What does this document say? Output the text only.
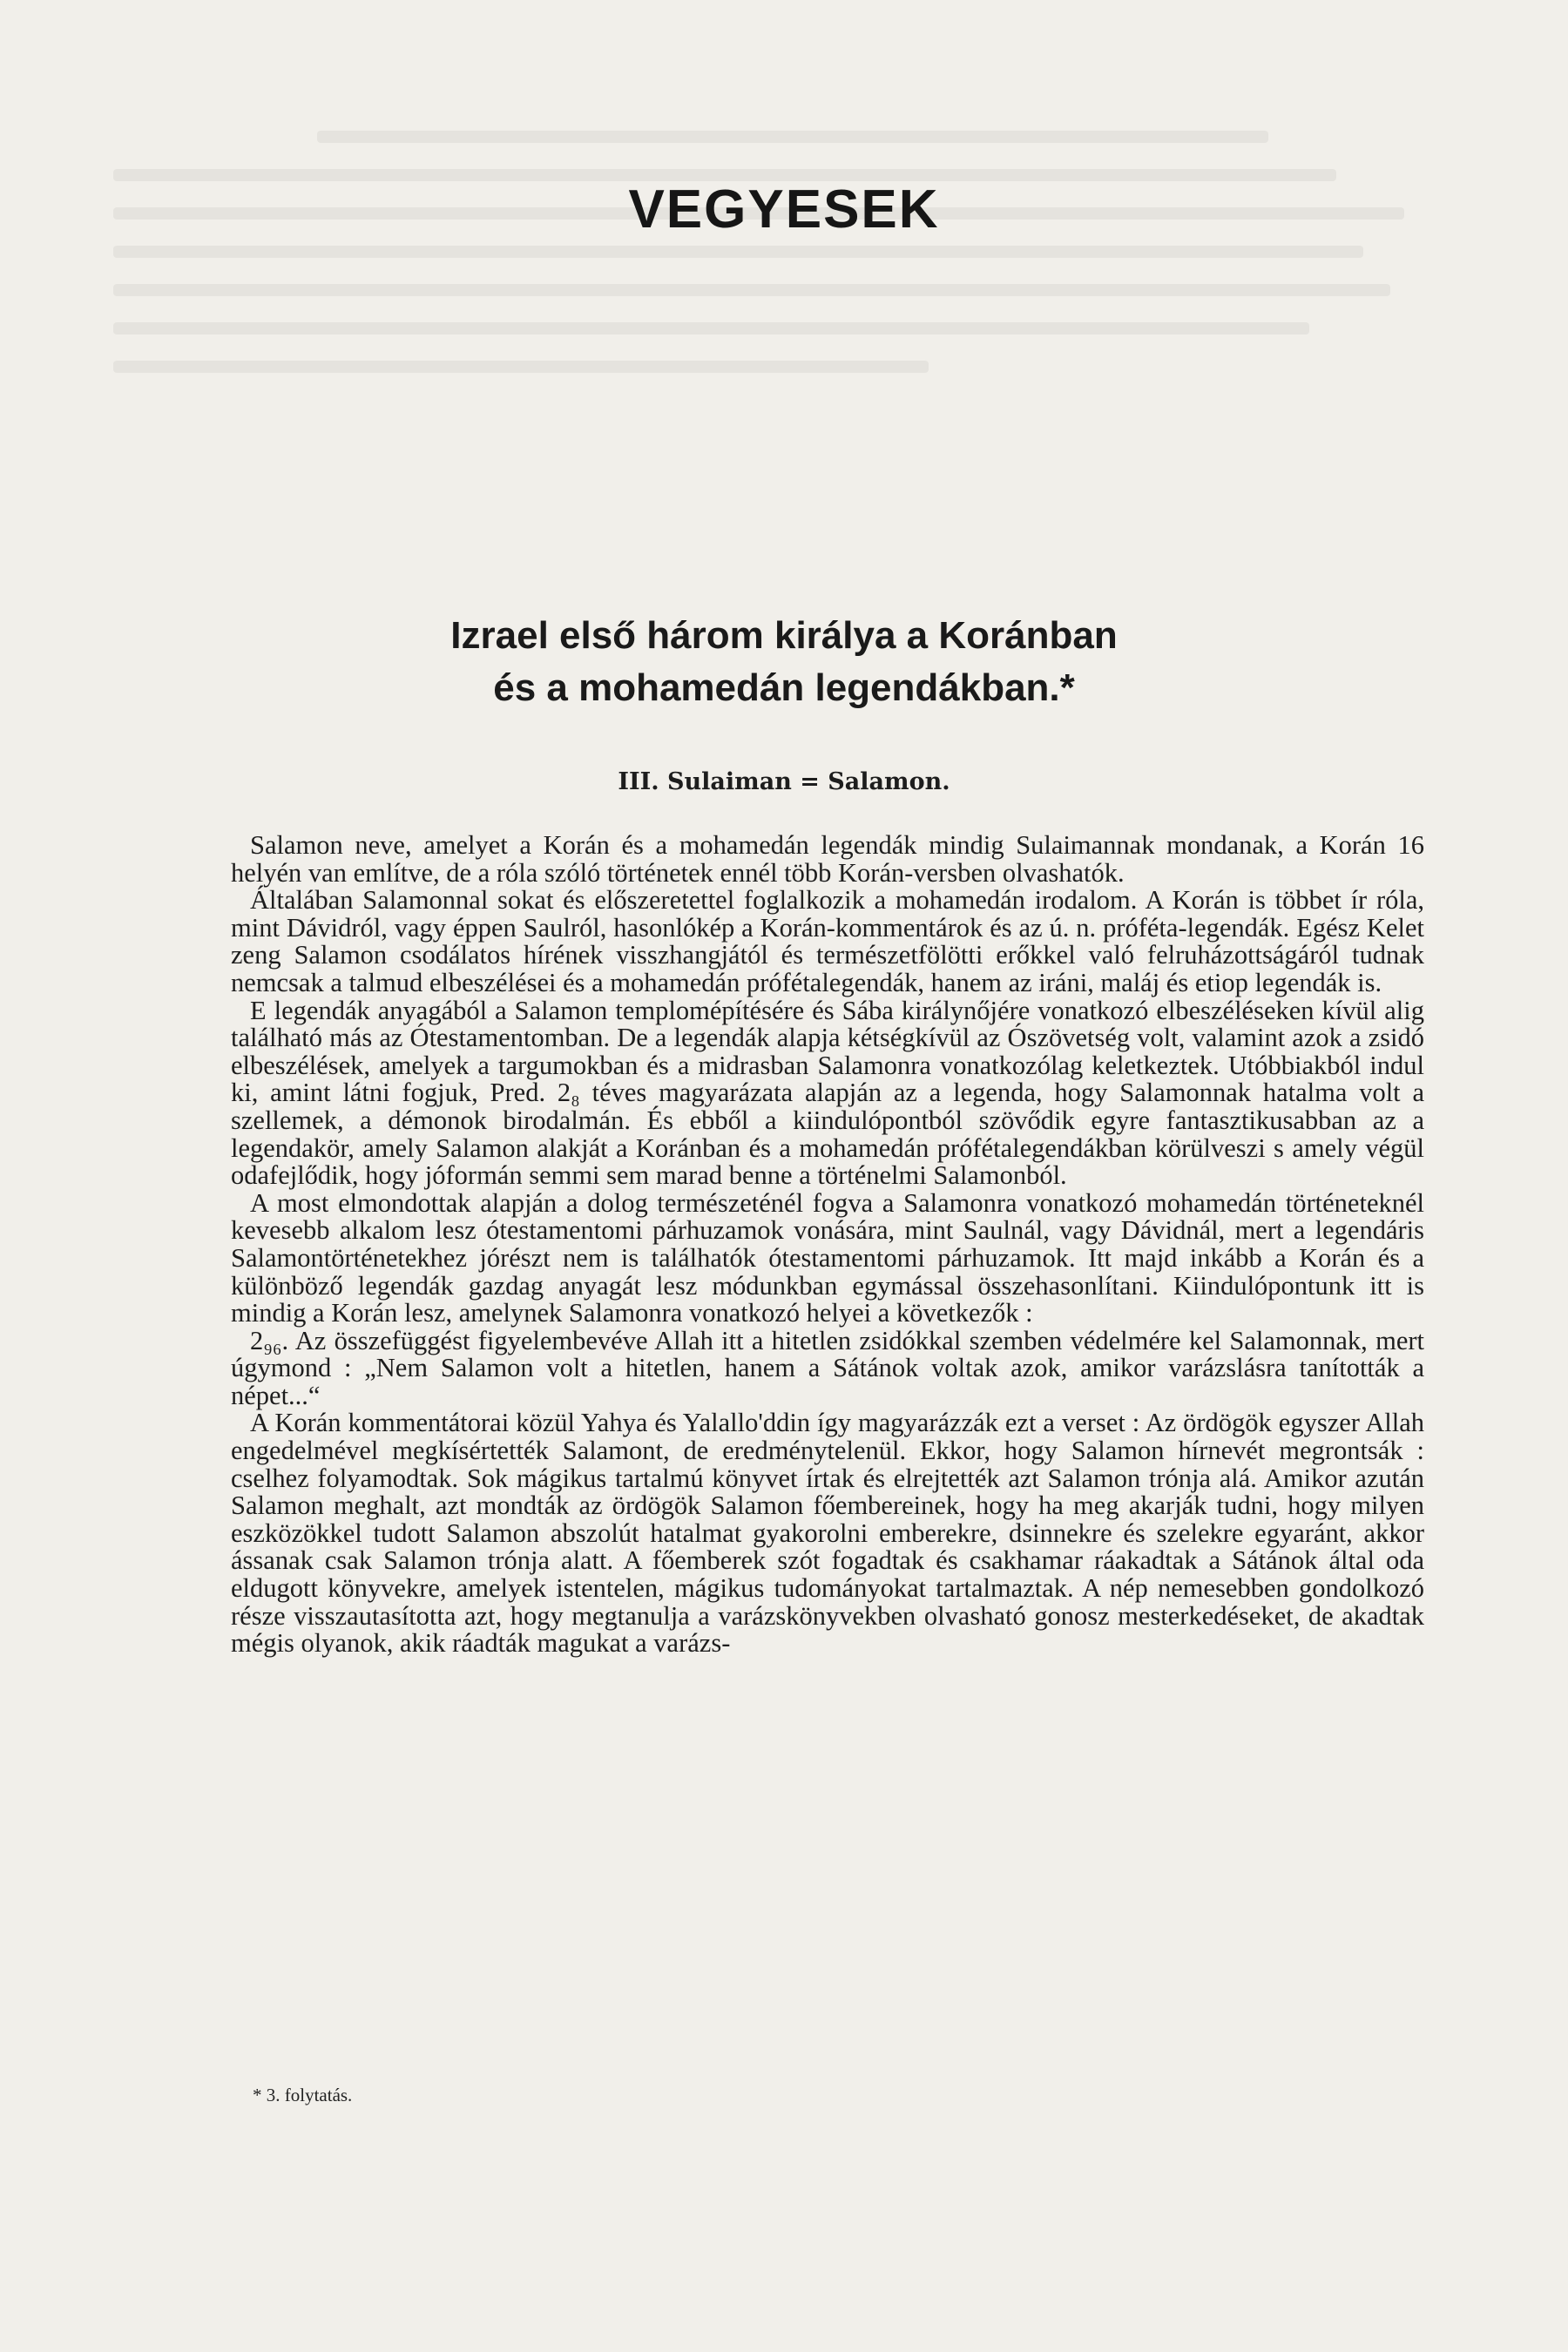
VEGYESEK
Izrael első három királya a Koránban
és a mohamedán legendákban.*
III. Sulaiman = Salamon.

Salamon neve, amelyet a Korán és a mohamedán legendák mindig Sulaimannak mondanak, a Korán 16 helyén van említve, de a róla szóló történetek ennél több Korán-versben olvashatók.

Általában Salamonnal sokat és előszeretettel foglalkozik a mohamedán irodalom. A Korán is többet ír róla, mint Dávidról, vagy éppen Saulról, hasonlókép a Korán-kommentárok és az ú. n. próféta-legendák. Egész Kelet zeng Salamon csodálatos hírének visszhangjától és természetfölötti erőkkel való felruházottságáról tudnak nemcsak a talmud elbeszélései és a mohamedán prófétalegendák, hanem az iráni, maláj és etiop legendák is.

E legendák anyagából a Salamon templomépítésére és Sába királynőjére vonatkozó elbeszéléseken kívül alig található más az Ótestamentomban. De a legendák alapja kétségkívül az Ószövetség volt, valamint azok a zsidó elbeszélések, amelyek a targumokban és a midrasban Salamonra vonatkozólag keletkeztek. Utóbbiakból indul ki, amint látni fogjuk, Pred. 2₈ téves magyarázata alapján az a legenda, hogy Salamonnak hatalma volt a szellemek, a démonok birodalmán. És ebből a kiindulópontból szövődik egyre fantasztikusabban az a legendakör, amely Salamon alakját a Koránban és a mohamedán prófétalegendákban körülveszi s amely végül odafejlődik, hogy jóformán semmi sem marad benne a történelmi Salamonból.

A most elmondottak alapján a dolog természeténél fogva a Salamonra vonatkozó mohamedán történeteknél kevesebb alkalom lesz ótestamentomi párhuzamok vonására, mint Saulnál, vagy Dávidnál, mert a legendáris Salamontörténetekhez jórészt nem is találhatók ótestamentomi párhuzamok. Itt majd inkább a Korán és a különböző legendák gazdag anyagát lesz módunkban egymással összehasonlítani. Kiindulópontunk itt is mindig a Korán lesz, amelynek Salamonra vonatkozó helyei a következők :

2₉₆. Az összefüggést figyelembevéve Allah itt a hitetlen zsidókkal szemben védelmére kel Salamonnak, mert úgymond : „Nem Salamon volt a hitetlen, hanem a Sátánok voltak azok, amikor varázslásra tanították a népet...“

A Korán kommentátorai közül Yahya és Yalallo'ddin így magyarázzák ezt a verset : Az ördögök egyszer Allah engedelmével megkísértették Salamont, de eredménytelenül. Ekkor, hogy Salamon hírnevét megrontsák : cselhez folyamodtak. Sok mágikus tartalmú könyvet írtak és elrejtették azt Salamon trónja alá. Amikor azután Salamon meghalt, azt mondták az ördögök Salamon főembereinek, hogy ha meg akarják tudni, hogy milyen eszközökkel tudott Salamon abszolút hatalmat gyakorolni emberekre, dsinnekre és szelekre egyaránt, akkor ássanak csak Salamon trónja alatt. A főemberek szót fogadtak és csakhamar ráakadtak a Sátánok által oda eldugott könyvekre, amelyek istentelen, mágikus tudományokat tartalmaztak. A nép nemesebben gondolkozó része visszautasította azt, hogy megtanulja a varázskönyvekben olvasható gonosz mesterkedéseket, de akadtak mégis olyanok, akik ráadták magukat a varázs-

* 3. folytatás.
